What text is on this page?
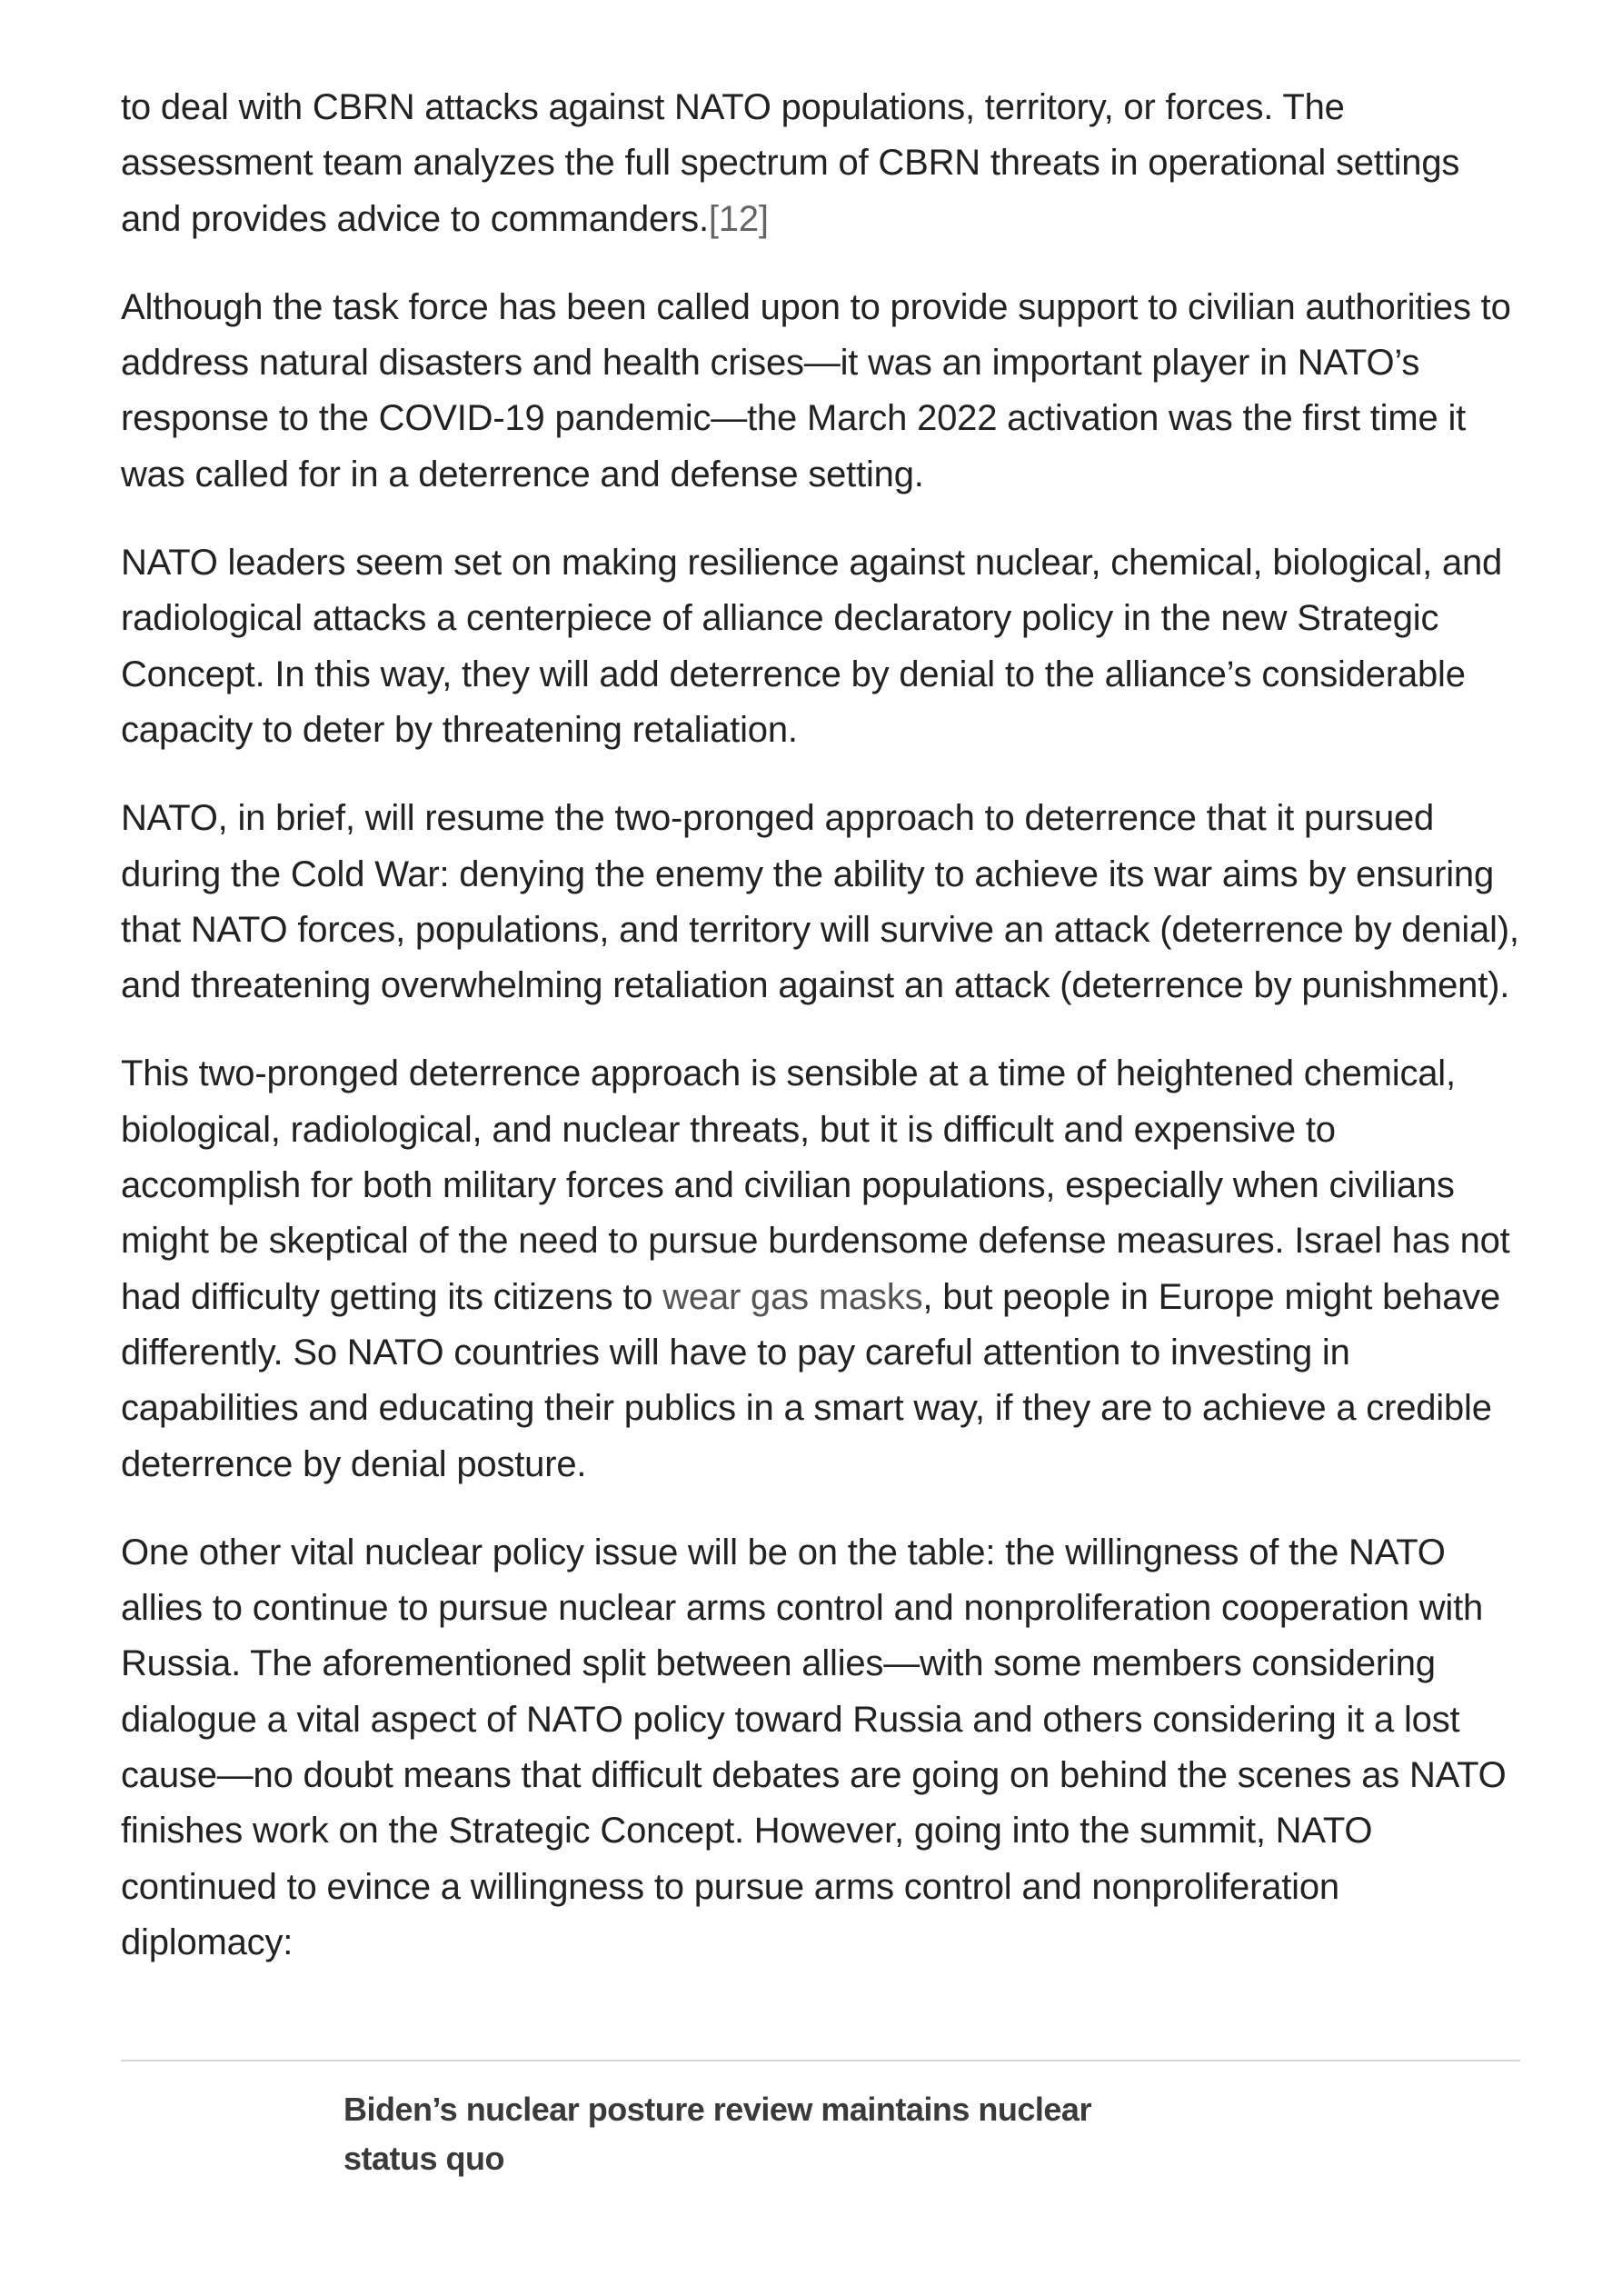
to deal with CBRN attacks against NATO populations, territory, or forces. The assessment team analyzes the full spectrum of CBRN threats in operational settings and provides advice to commanders.[12]

Although the task force has been called upon to provide support to civilian authorities to address natural disasters and health crises—it was an important player in NATO’s response to the COVID-19 pandemic—the March 2022 activation was the first time it was called for in a deterrence and defense setting.

NATO leaders seem set on making resilience against nuclear, chemical, biological, and radiological attacks a centerpiece of alliance declaratory policy in the new Strategic Concept. In this way, they will add deterrence by denial to the alliance’s considerable capacity to deter by threatening retaliation.

NATO, in brief, will resume the two-pronged approach to deterrence that it pursued during the Cold War: denying the enemy the ability to achieve its war aims by ensuring that NATO forces, populations, and territory will survive an attack (deterrence by denial), and threatening overwhelming retaliation against an attack (deterrence by punishment).

This two-pronged deterrence approach is sensible at a time of heightened chemical, biological, radiological, and nuclear threats, but it is difficult and expensive to accomplish for both military forces and civilian populations, especially when civilians might be skeptical of the need to pursue burdensome defense measures. Israel has not had difficulty getting its citizens to wear gas masks, but people in Europe might behave differently. So NATO countries will have to pay careful attention to investing in capabilities and educating their publics in a smart way, if they are to achieve a credible deterrence by denial posture.

One other vital nuclear policy issue will be on the table: the willingness of the NATO allies to continue to pursue nuclear arms control and nonproliferation cooperation with Russia. The aforementioned split between allies—with some members considering dialogue a vital aspect of NATO policy toward Russia and others considering it a lost cause—no doubt means that difficult debates are going on behind the scenes as NATO finishes work on the Strategic Concept. However, going into the summit, NATO continued to evince a willingness to pursue arms control and nonproliferation diplomacy:

Biden’s nuclear posture review maintains nuclear status quo
